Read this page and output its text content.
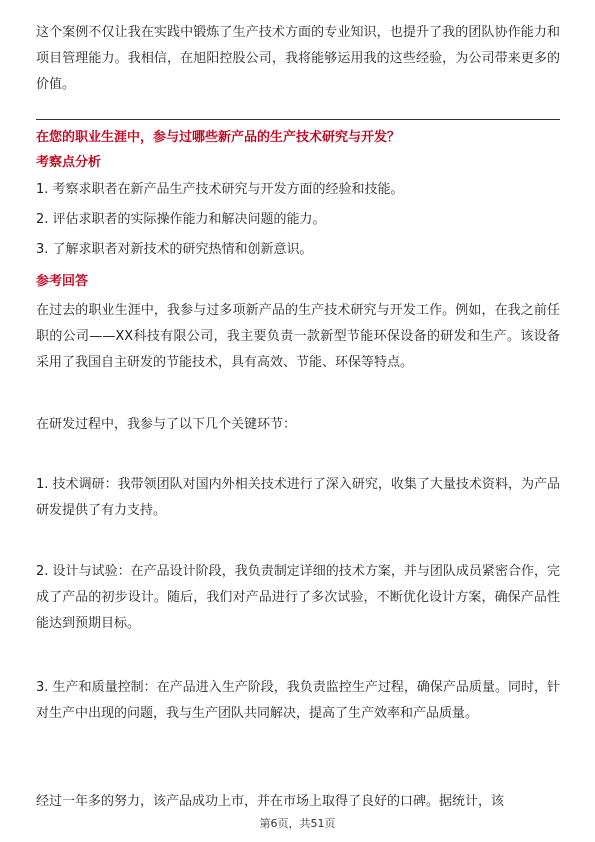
这个案例不仅让我在实践中锻炼了生产技术方面的专业知识，也提升了我的团队协作能力和项目管理能力。我相信，在旭阳控股公司，我将能够运用我的这些经验，为公司带来更多的价值。

在您的职业生涯中，参与过哪些新产品的生产技术研究与开发？

考察点分析

1. 考察求职者在新产品生产技术研究与开发方面的经验和技能。

2. 评估求职者的实际操作能力和解决问题的能力。

3. 了解求职者对新技术的研究热情和创新意识。

参考回答

在过去的职业生涯中，我参与过多项新产品的生产技术研究与开发工作。例如，在我之前任职的公司——XX科技有限公司，我主要负责一款新型节能环保设备的研发和生产。该设备采用了我国自主研发的节能技术，具有高效、节能、环保等特点。

在研发过程中，我参与了以下几个关键环节：

1. 技术调研：我带领团队对国内外相关技术进行了深入研究，收集了大量技术资料，为产品研发提供了有力支持。

2. 设计与试验：在产品设计阶段，我负责制定详细的技术方案，并与团队成员紧密合作，完成了产品的初步设计。随后，我们对产品进行了多次试验，不断优化设计方案，确保产品性能达到预期目标。

3. 生产和质量控制：在产品进入生产阶段，我负责监控生产过程，确保产品质量。同时，针对生产中出现的问题，我与生产团队共同解决，提高了生产效率和产品质量。

经过一年多的努力，该产品成功上市，并在市场上取得了良好的口碑。据统计，该

第6页，共51页
